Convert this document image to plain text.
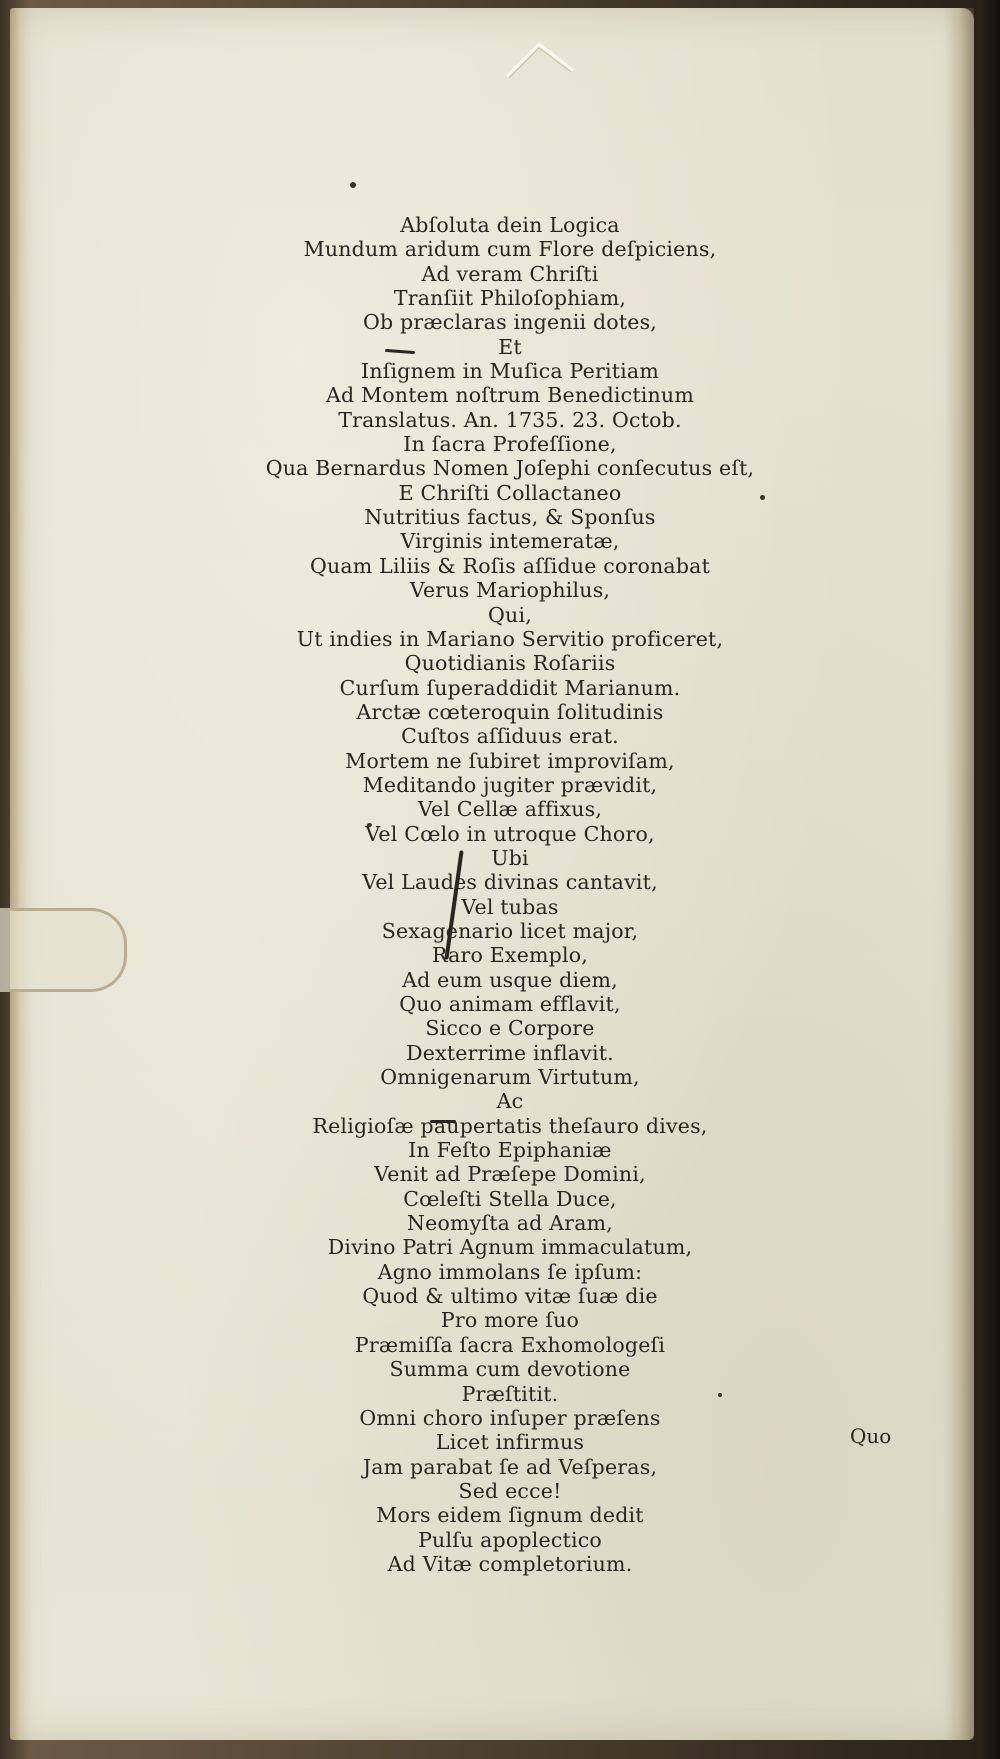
Abſoluta dein Logica
Mundum aridum cum Flore deſpiciens,
Ad veram Chriſti
Tranſiit Philoſophiam,
Ob præclaras ingenii dotes,
Et
Inſignem in Muſica Peritiam
Ad Montem noſtrum Benedictinum
Translatus. An. 1735. 23. Octob.
In ſacra Profeſſione,
Qua Bernardus Nomen Joſephi conſecutus eſt,
E Chriſti Collactaneo
Nutritius factus, & Sponſus
Virginis intemeratæ,
Quam Liliis & Roſis aſſidue coronabat
Verus Mariophilus,
Qui,
Ut indies in Mariano Servitio proficeret,
Quotidianis Roſariis
Curſum ſuperaddidit Marianum.
Arctæ cœteroquin ſolitudinis
Cuſtos aſſiduus erat.
Mortem ne ſubiret improviſam,
Meditando jugiter prævidit,
Vel Cellæ affixus,
Vel Cœlo in utroque Choro,
Ubi
Vel Laudes divinas cantavit,
Vel tubas
Sexagenario licet major,
Raro Exemplo,
Ad eum usque diem,
Quo animam efflavit,
Sicco e Corpore
Dexterrime inflavit.
Omnigenarum Virtutum,
Ac
Religioſæ paupertatis theſauro dives,
In Feſto Epiphaniæ
Venit ad Præſepe Domini,
Cœleſti Stella Duce,
Neomyſta ad Aram,
Divino Patri Agnum immaculatum,
Agno immolans ſe ipſum:
Quod & ultimo vitæ ſuæ die
Pro more ſuo
Præmiſſa ſacra Exhomologeſi
Summa cum devotione
Præſtitit.
Omni choro inſuper præſens
Licet infirmus
Jam parabat ſe ad Veſperas,
Sed ecce!
Mors eidem ſignum dedit
Pulſu apoplectico
Ad Vitæ completorium.
Quo
